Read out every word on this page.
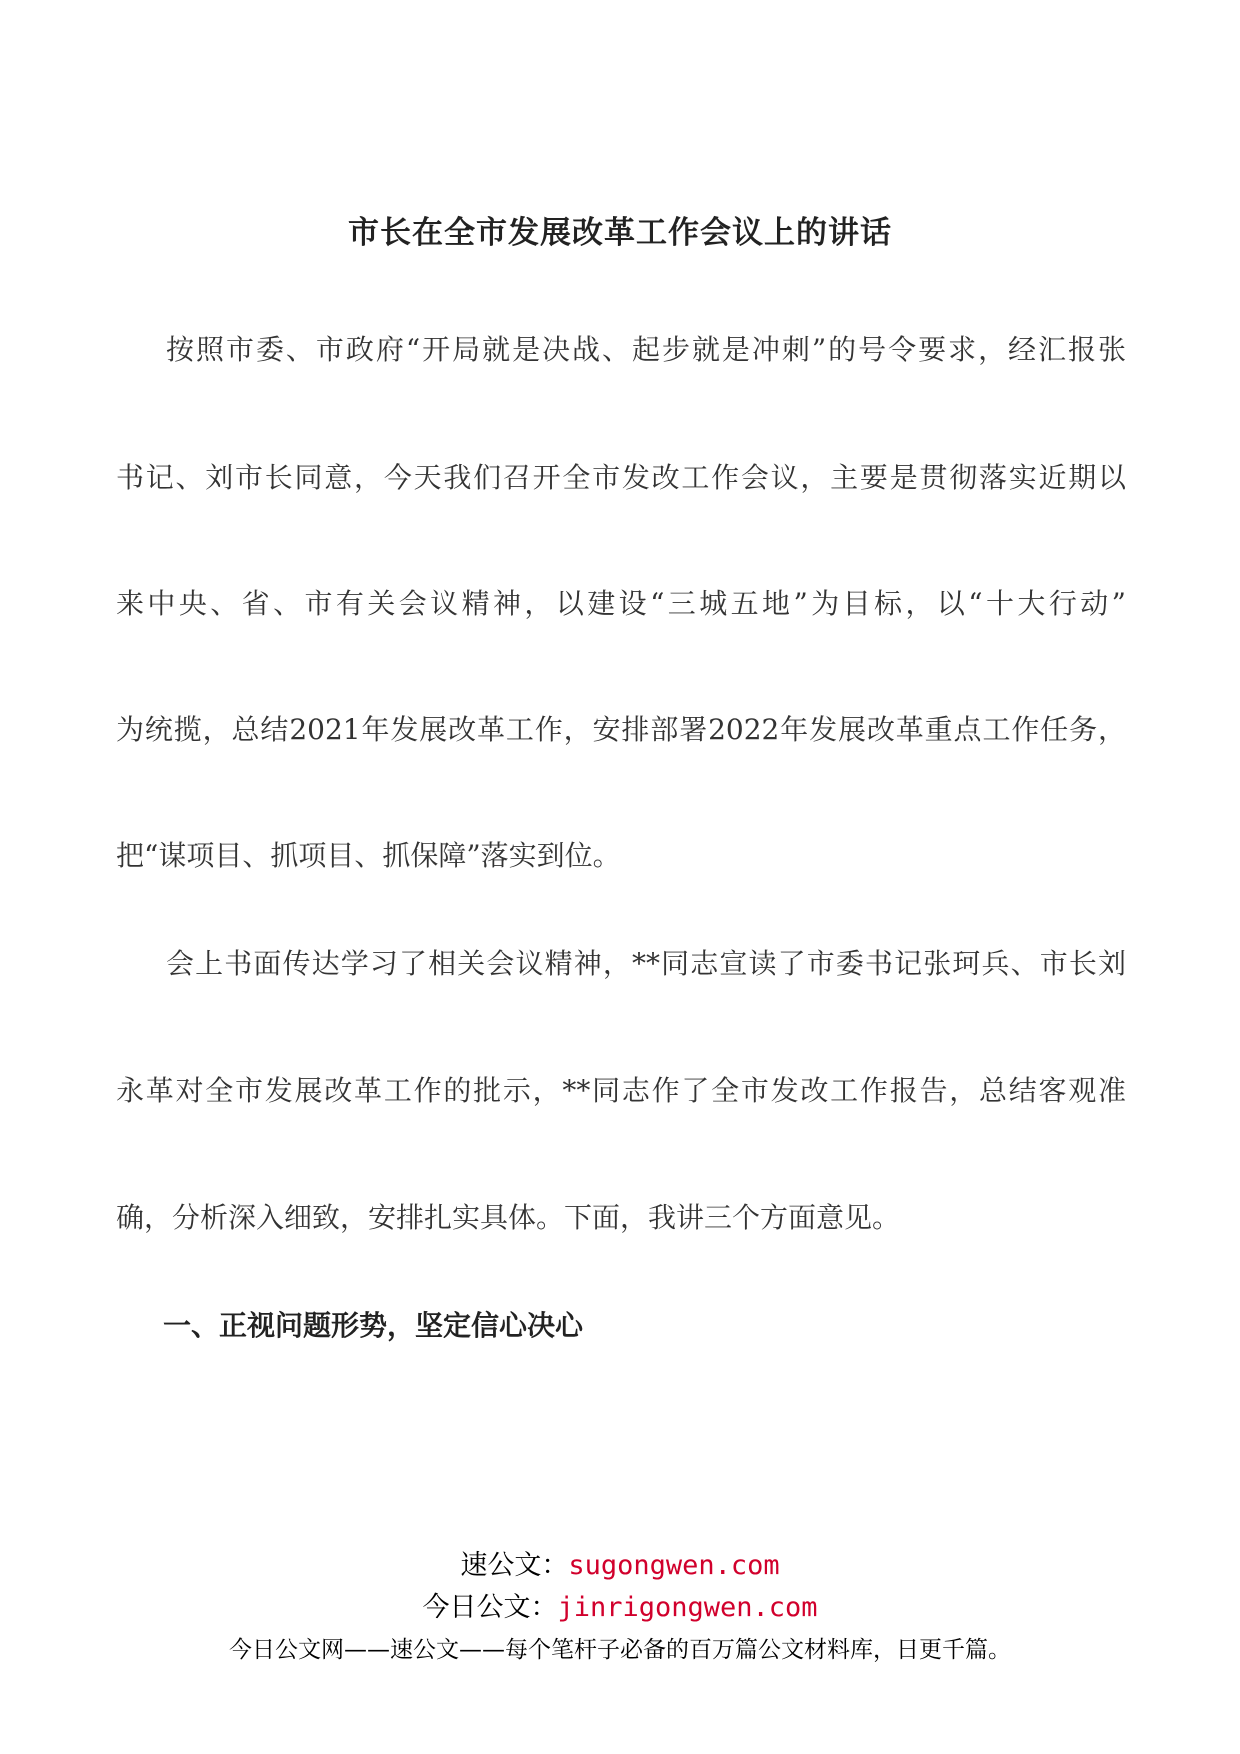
市长在全市发展改革工作会议上的讲话
按照市委、市政府“开局就是决战、起步就是冲刺”的号令要求，经汇报张
书记、刘市长同意，今天我们召开全市发改工作会议，主要是贯彻落实近期以
来中央、省、市有关会议精神，以建设“三城五地”为目标，以“十大行动”
为统揽，总结2021年发展改革工作，安排部署2022年发展改革重点工作任务，
把“谋项目、抓项目、抓保障”落实到位。
会上书面传达学习了相关会议精神，**同志宣读了市委书记张珂兵、市长刘
永革对全市发展改革工作的批示，**同志作了全市发改工作报告，总结客观准
确，分析深入细致，安排扎实具体。下面，我讲三个方面意见。
一、正视问题形势，坚定信心决心
速公文：sugongwen.com
今日公文：jinrigongwen.com
今日公文网——速公文——每个笔杆子必备的百万篇公文材料库，日更千篇。
